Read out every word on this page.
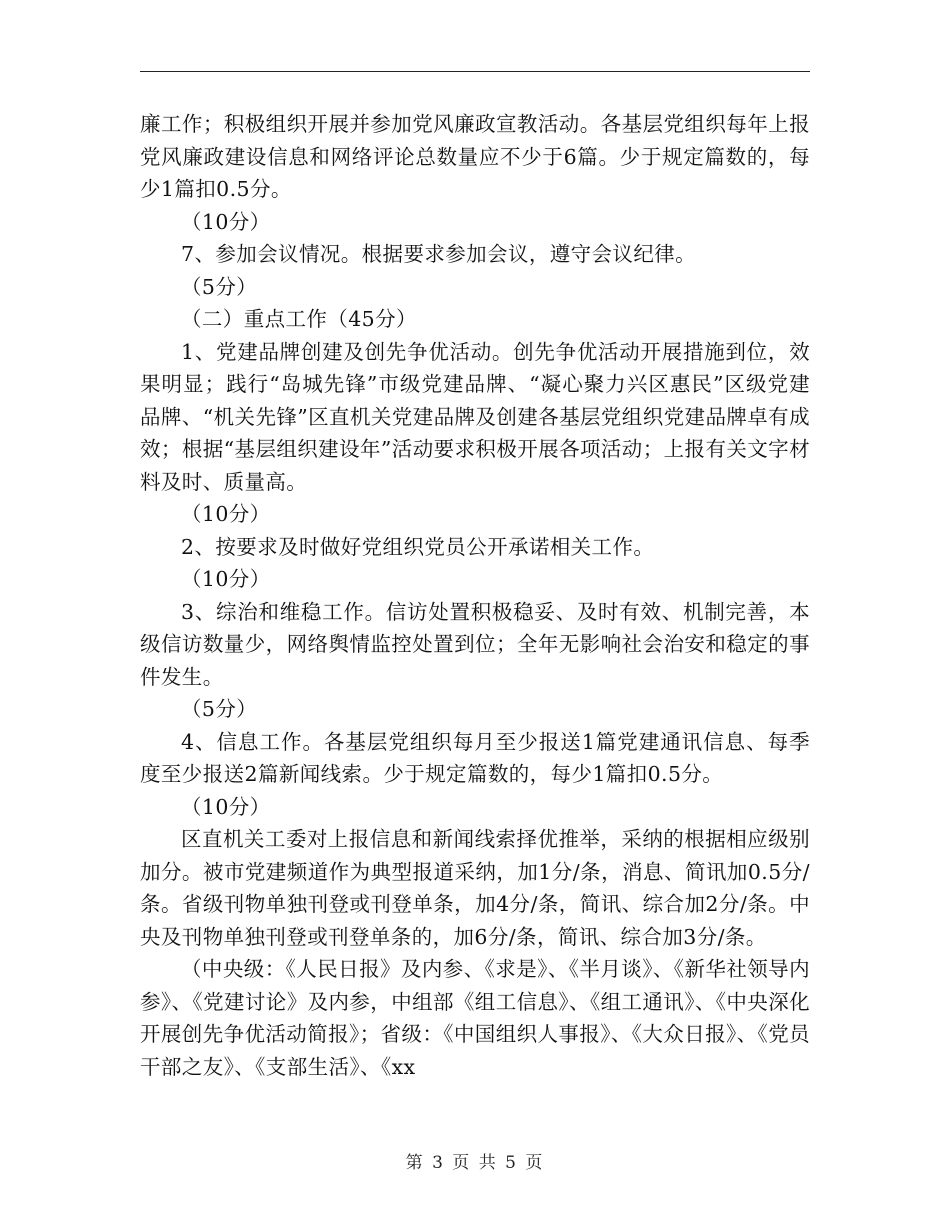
廉工作；积极组织开展并参加党风廉政宣教活动。各基层党组织每年上报党风廉政建设信息和网络评论总数量应不少于6篇。少于规定篇数的，每少1篇扣0.5分。

（10分）

7、参加会议情况。根据要求参加会议，遵守会议纪律。

（5分）

（二）重点工作（45分）

1、党建品牌创建及创先争优活动。创先争优活动开展措施到位，效果明显；践行“岛城先锋”市级党建品牌、“凝心聚力兴区惠民”区级党建品牌、“机关先锋”区直机关党建品牌及创建各基层党组织党建品牌卓有成效；根据“基层组织建设年”活动要求积极开展各项活动；上报有关文字材料及时、质量高。

（10分）

2、按要求及时做好党组织党员公开承诺相关工作。

（10分）

3、综治和维稳工作。信访处置积极稳妥、及时有效、机制完善，本级信访数量少，网络舆情监控处置到位；全年无影响社会治安和稳定的事件发生。

（5分）

4、信息工作。各基层党组织每月至少报送1篇党建通讯信息、每季度至少报送2篇新闻线索。少于规定篇数的，每少1篇扣0.5分。

（10分）

区直机关工委对上报信息和新闻线索择优推举，采纳的根据相应级别加分。被市党建频道作为典型报道采纳，加1分/条，消息、简讯加0.5分/条。省级刊物单独刊登或刊登单条，加4分/条，简讯、综合加2分/条。中央及刊物单独刊登或刊登单条的，加6分/条，简讯、综合加3分/条。

（中央级：《人民日报》及内参、《求是》、《半月谈》、《新华社领导内参》、《党建讨论》及内参，中组部《组工信息》、《组工通讯》、《中央深化开展创先争优活动简报》；省级：《中国组织人事报》、《大众日报》、《党员干部之友》、《支部生活》、《xx

第 3 页 共 5 页
